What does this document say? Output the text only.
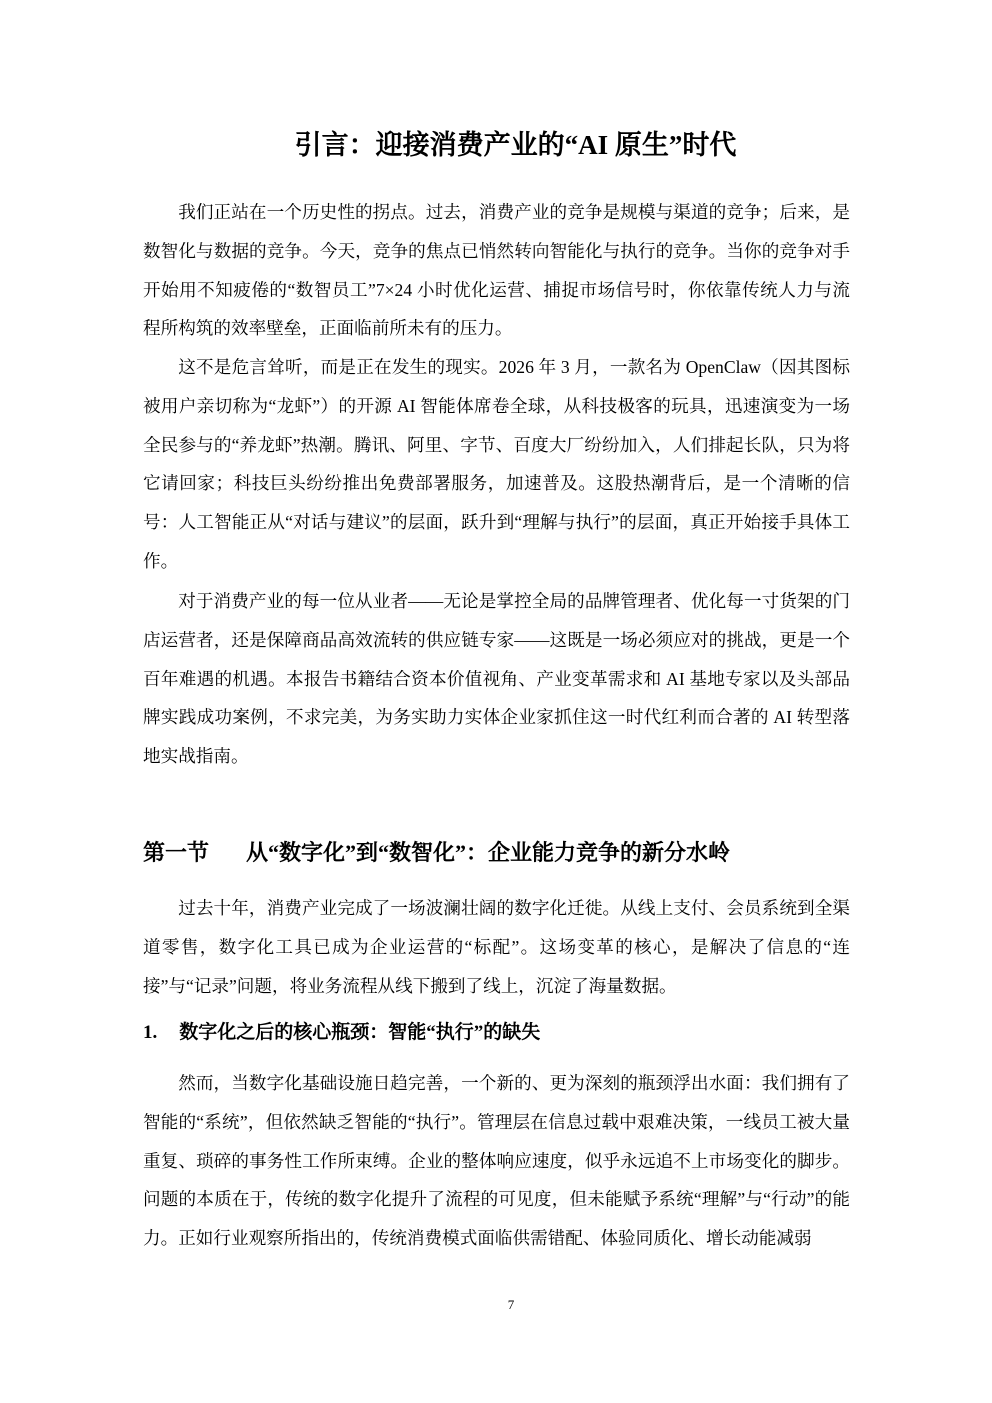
引言：迎接消费产业的“AI 原生”时代

我们正站在一个历史性的拐点。过去，消费产业的竞争是规模与渠道的竞争；后来，是数智化与数据的竞争。今天，竞争的焦点已悄然转向智能化与执行的竞争。当你的竞争对手开始用不知疲倦的“数智员工”7×24 小时优化运营、捕捉市场信号时，你依靠传统人力与流程所构筑的效率壁垒，正面临前所未有的压力。

这不是危言耸听，而是正在发生的现实。2026 年 3 月，一款名为 OpenClaw（因其图标被用户亲切称为“龙虾”）的开源 AI 智能体席卷全球，从科技极客的玩具，迅速演变为一场全民参与的“养龙虾”热潮。腾讯、阿里、字节、百度大厂纷纷加入，人们排起长队，只为将它请回家；科技巨头纷纷推出免费部署服务，加速普及。这股热潮背后，是一个清晰的信号：人工智能正从“对话与建议”的层面，跃升到“理解与执行”的层面，真正开始接手具体工作。

对于消费产业的每一位从业者——无论是掌控全局的品牌管理者、优化每一寸货架的门店运营者，还是保障商品高效流转的供应链专家——这既是一场必须应对的挑战，更是一个百年难遇的机遇。本报告书籍结合资本价值视角、产业变革需求和 AI 基地专家以及头部品牌实践成功案例，不求完美，为务实助力实体企业家抓住这一时代红利而合著的 AI 转型落地实战指南。

第一节 从“数字化”到“数智化”：企业能力竞争的新分水岭

过去十年，消费产业完成了一场波澜壮阔的数字化迁徙。从线上支付、会员系统到全渠道零售，数字化工具已成为企业运营的“标配”。这场变革的核心，是解决了信息的“连接”与“记录”问题，将业务流程从线下搬到了线上，沉淀了海量数据。

1. 数字化之后的核心瓶颈：智能“执行”的缺失

然而，当数字化基础设施日趋完善，一个新的、更为深刻的瓶颈浮出水面：我们拥有了智能的“系统”，但依然缺乏智能的“执行”。管理层在信息过载中艰难决策，一线员工被大量重复、琐碎的事务性工作所束缚。企业的整体响应速度，似乎永远追不上市场变化的脚步。问题的本质在于，传统的数字化提升了流程的可见度，但未能赋予系统“理解”与“行动”的能力。正如行业观察所指出的，传统消费模式面临供需错配、体验同质化、增长动能减弱

7
